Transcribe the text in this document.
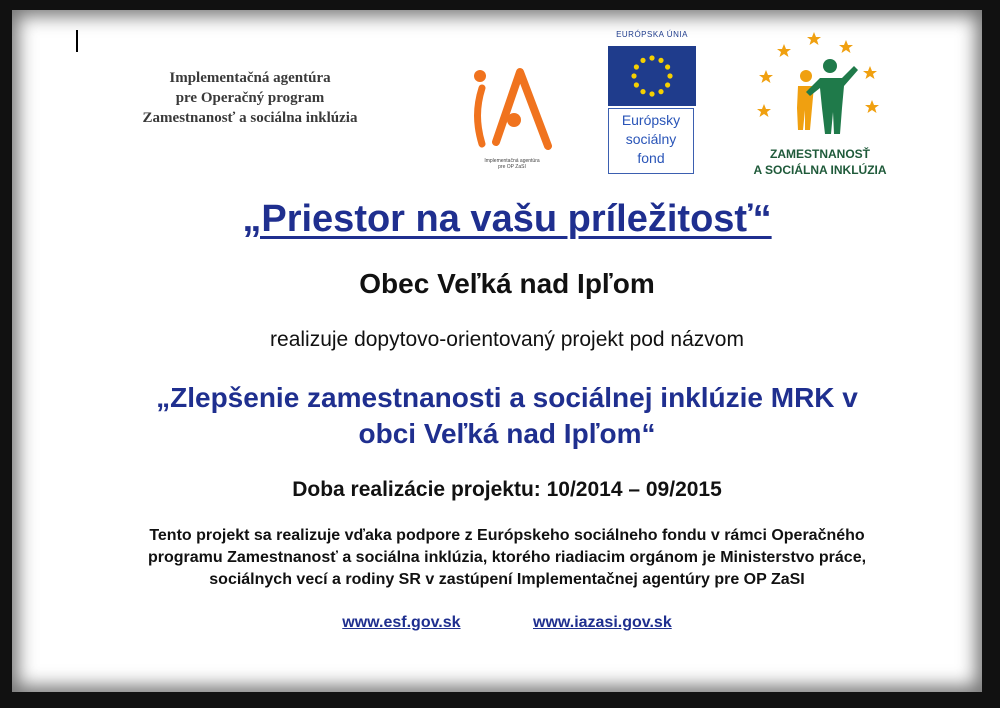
Implementačná agentúra
pre Operačný program
Zamestnanosť a sociálna inklúzia
Implementačná agentúra
pre OP ZaSI
EURÓPSKA ÚNIA
Európsky
sociálny
fond	ZAMESTNANOSŤ
A SOCIÁLNA INKLÚZIA
„Priestor na vašu príležitosť“
Obec Veľká nad Ipľom
realizuje dopytovo-orientovaný projekt pod názvom
„Zlepšenie zamestnanosti a sociálnej inklúzie MRK v
obci Veľká nad Ipľom“
Doba realizácie projektu: 10/2014 – 09/2015
Tento projekt sa realizuje vďaka podpore z Európskeho sociálneho fondu v rámci Operačného
programu Zamestnanosť a sociálna inklúzia, ktorého riadiacim orgánom je Ministerstvo práce,
sociálnych vecí a rodiny SR v zastúpení Implementačnej agentúry pre OP ZaSI
www.esf.gov.sk	www.iazasi.gov.sk
